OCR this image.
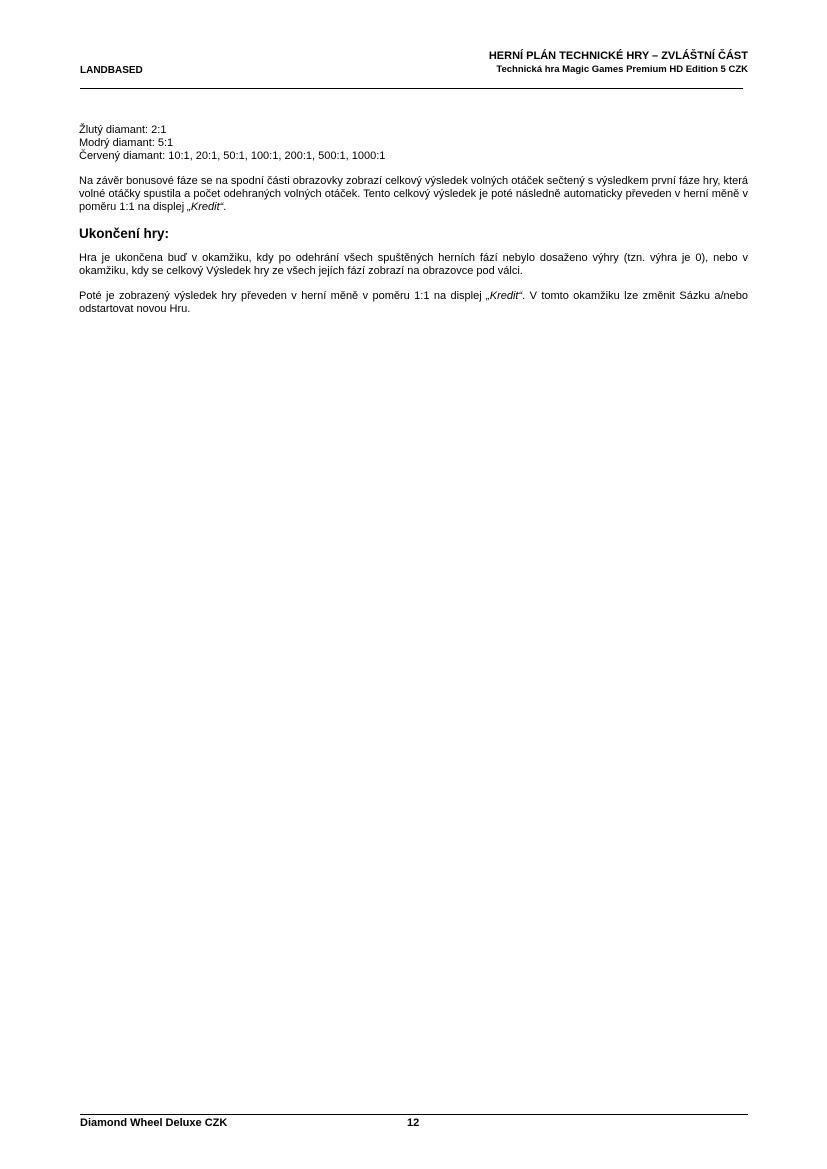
LANDBASED
HERNÍ PLÁN TECHNICKÉ HRY – ZVLÁŠTNÍ ČÁST
Technická hra Magic Games Premium HD Edition 5 CZK

Žlutý diamant: 2:1

Modrý diamant: 5:1

Červený diamant: 10:1, 20:1, 50:1, 100:1, 200:1, 500:1, 1000:1

Na závěr bonusové fáze se na spodní části obrazovky zobrazí celkový výsledek volných otáček sečtený s výsledkem první fáze hry, která volné otáčky spustila a počet odehraných volných otáček. Tento celkový výsledek je poté následně automaticky převeden v herní měně v poměru 1:1 na displej „Kredit“.

Ukončení hry:

Hra je ukončena buď v okamžiku, kdy po odehrání všech spuštěných herních fází nebylo dosaženo výhry (tzn. výhra je 0), nebo v okamžiku, kdy se celkový Výsledek hry ze všech jejích fází zobrazí na obrazovce pod válci.

Poté je zobrazený výsledek hry převeden v herní měně v poměru 1:1 na displej „Kredit“. V tomto okamžiku lze změnit Sázku a/nebo odstartovat novou Hru.

Diamond Wheel Deluxe CZK	12
